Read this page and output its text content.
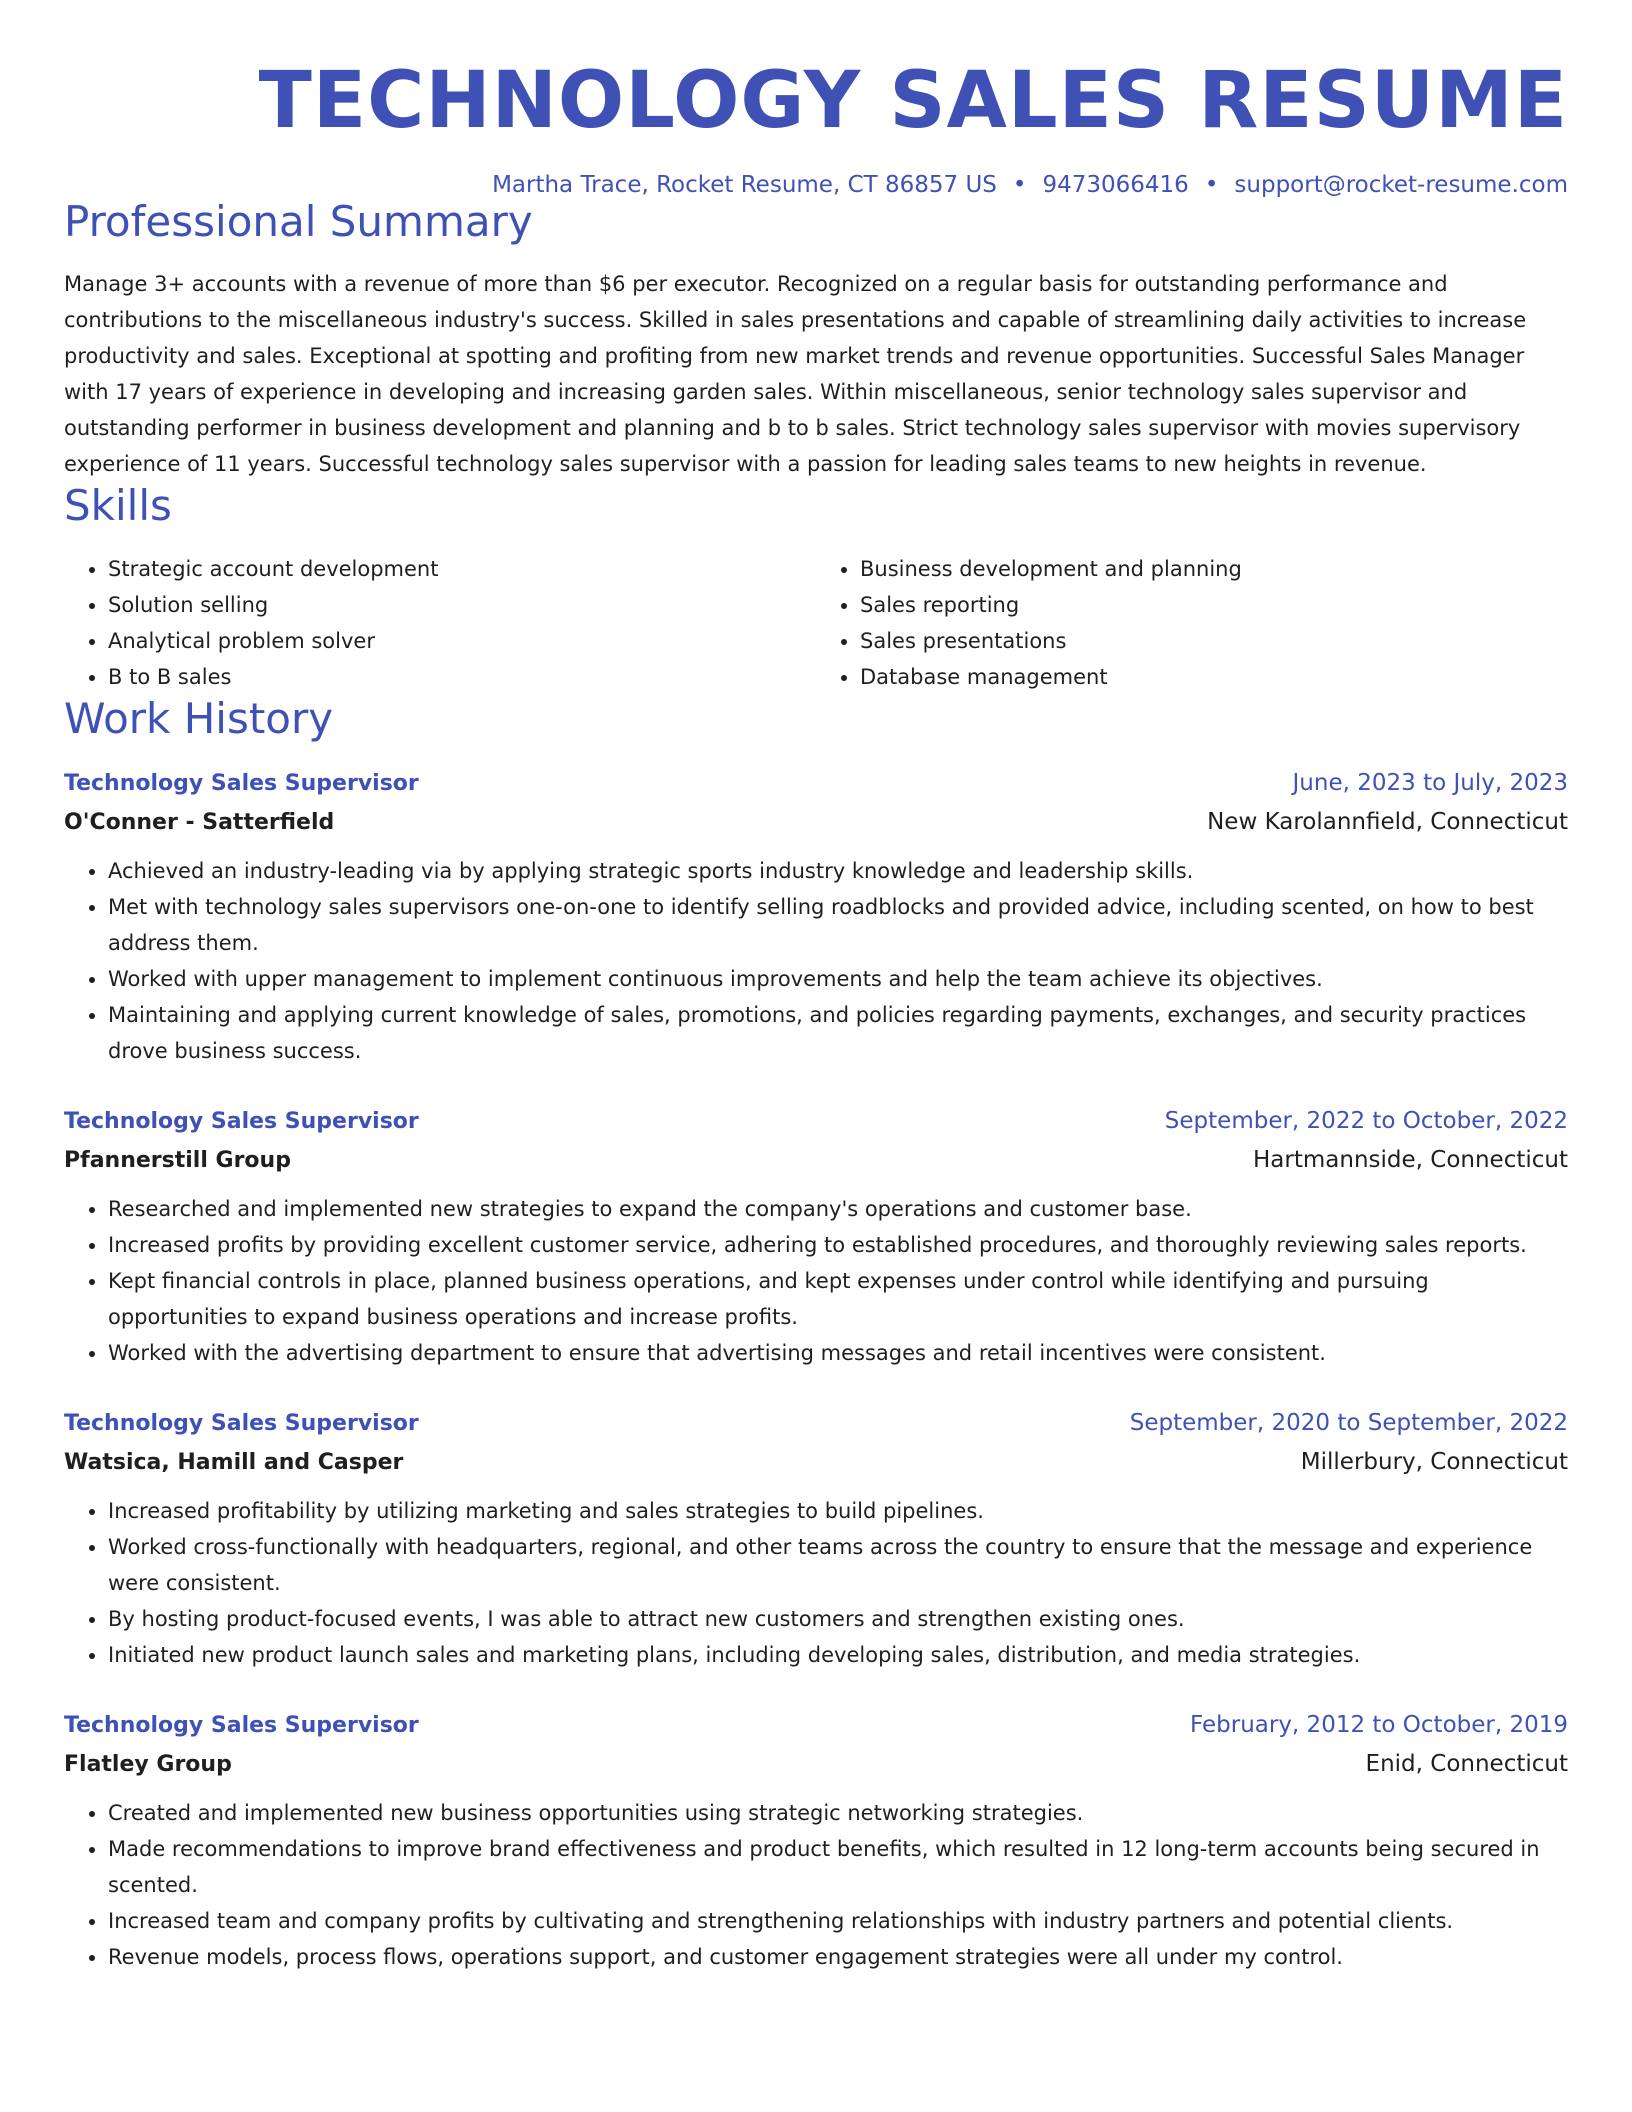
TECHNOLOGY SALES RESUME
Martha Trace, Rocket Resume, CT 86857 US • 9473066416 • support@rocket-resume.com
Professional Summary

Manage 3+ accounts with a revenue of more than $6 per executor. Recognized on a regular basis for outstanding performance and contributions to the miscellaneous industry's success. Skilled in sales presentations and capable of streamlining daily activities to increase productivity and sales. Exceptional at spotting and profiting from new market trends and revenue opportunities. Successful Sales Manager with 17 years of experience in developing and increasing garden sales. Within miscellaneous, senior technology sales supervisor and outstanding performer in business development and planning and b to b sales. Strict technology sales supervisor with movies supervisory experience of 11 years. Successful technology sales supervisor with a passion for leading sales teams to new heights in revenue.

Skills
• Strategic account development
• Solution selling
• Analytical problem solver
• B to B sales
• Business development and planning
• Sales reporting
• Sales presentations
• Database management
Work History
Technology Sales Supervisor	June, 2023 to July, 2023
O'Conner - Satterfield	New Karolannfield, Connecticut
• Achieved an industry-leading via by applying strategic sports industry knowledge and leadership skills.
• Met with technology sales supervisors one-on-one to identify selling roadblocks and provided advice, including scented, on how to best address them.
• Worked with upper management to implement continuous improvements and help the team achieve its objectives.
• Maintaining and applying current knowledge of sales, promotions, and policies regarding payments, exchanges, and security practices drove business success.
Technology Sales Supervisor	September, 2022 to October, 2022
Pfannerstill Group	Hartmannside, Connecticut
• Researched and implemented new strategies to expand the company's operations and customer base.
• Increased profits by providing excellent customer service, adhering to established procedures, and thoroughly reviewing sales reports.
• Kept financial controls in place, planned business operations, and kept expenses under control while identifying and pursuing opportunities to expand business operations and increase profits.
• Worked with the advertising department to ensure that advertising messages and retail incentives were consistent.
Technology Sales Supervisor	September, 2020 to September, 2022
Watsica, Hamill and Casper	Millerbury, Connecticut
• Increased profitability by utilizing marketing and sales strategies to build pipelines.
• Worked cross-functionally with headquarters, regional, and other teams across the country to ensure that the message and experience were consistent.
• By hosting product-focused events, I was able to attract new customers and strengthen existing ones.
• Initiated new product launch sales and marketing plans, including developing sales, distribution, and media strategies.
Technology Sales Supervisor	February, 2012 to October, 2019
Flatley Group	Enid, Connecticut
• Created and implemented new business opportunities using strategic networking strategies.
• Made recommendations to improve brand effectiveness and product benefits, which resulted in 12 long-term accounts being secured in scented.
• Increased team and company profits by cultivating and strengthening relationships with industry partners and potential clients.
• Revenue models, process flows, operations support, and customer engagement strategies were all under my control.
